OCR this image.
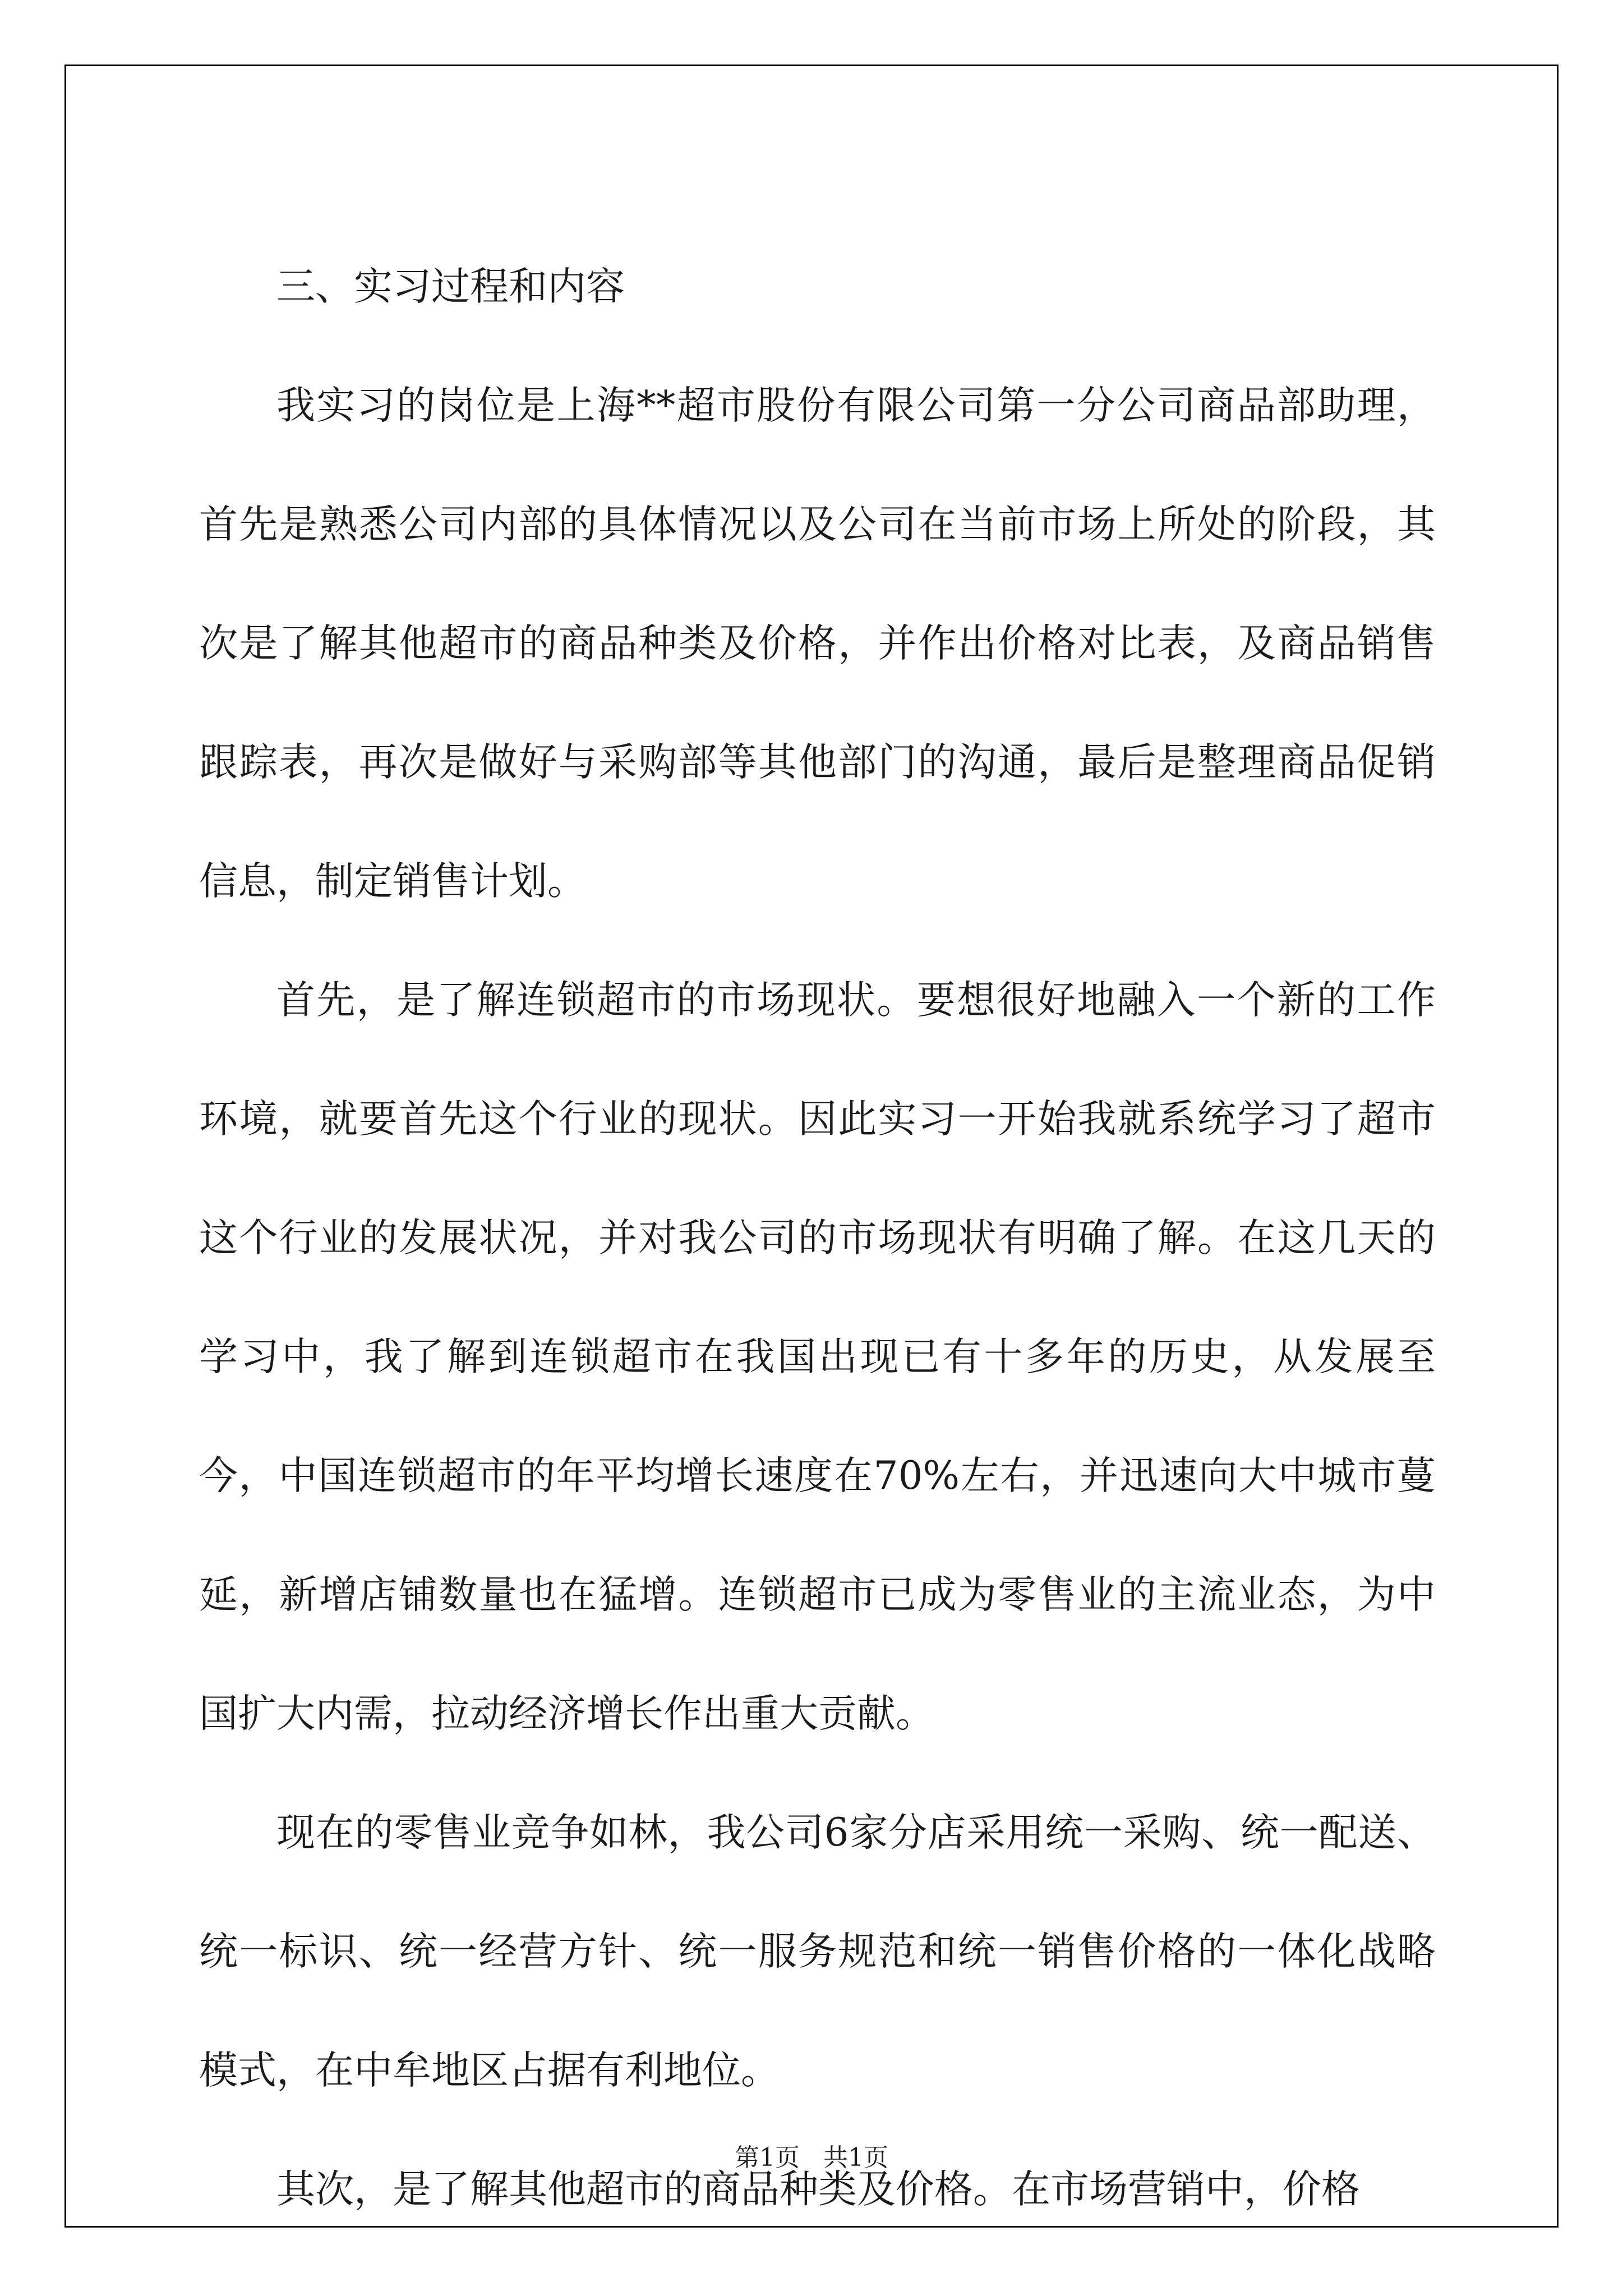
三、实习过程和内容

我实习的岗位是上海**超市股份有限公司第一分公司商品部助理，首先是熟悉公司内部的具体情况以及公司在当前市场上所处的阶段，其次是了解其他超市的商品种类及价格，并作出价格对比表，及商品销售跟踪表，再次是做好与采购部等其他部门的沟通，最后是整理商品促销信息，制定销售计划。

首先，是了解连锁超市的市场现状。要想很好地融入一个新的工作环境，就要首先这个行业的现状。因此实习一开始我就系统学习了超市这个行业的发展状况，并对我公司的市场现状有明确了解。在这几天的学习中，我了解到连锁超市在我国出现已有十多年的历史，从发展至今，中国连锁超市的年平均增长速度在70%左右，并迅速向大中城市蔓延，新增店铺数量也在猛增。连锁超市已成为零售业的主流业态，为中国扩大内需，拉动经济增长作出重大贡献。

现在的零售业竞争如林，我公司6家分店采用统一采购、统一配送、统一标识、统一经营方针、统一服务规范和统一销售价格的一体化战略模式，在中牟地区占据有利地位。

其次，是了解其他超市的商品种类及价格。在市场营销中，价格

第1页 共1页
